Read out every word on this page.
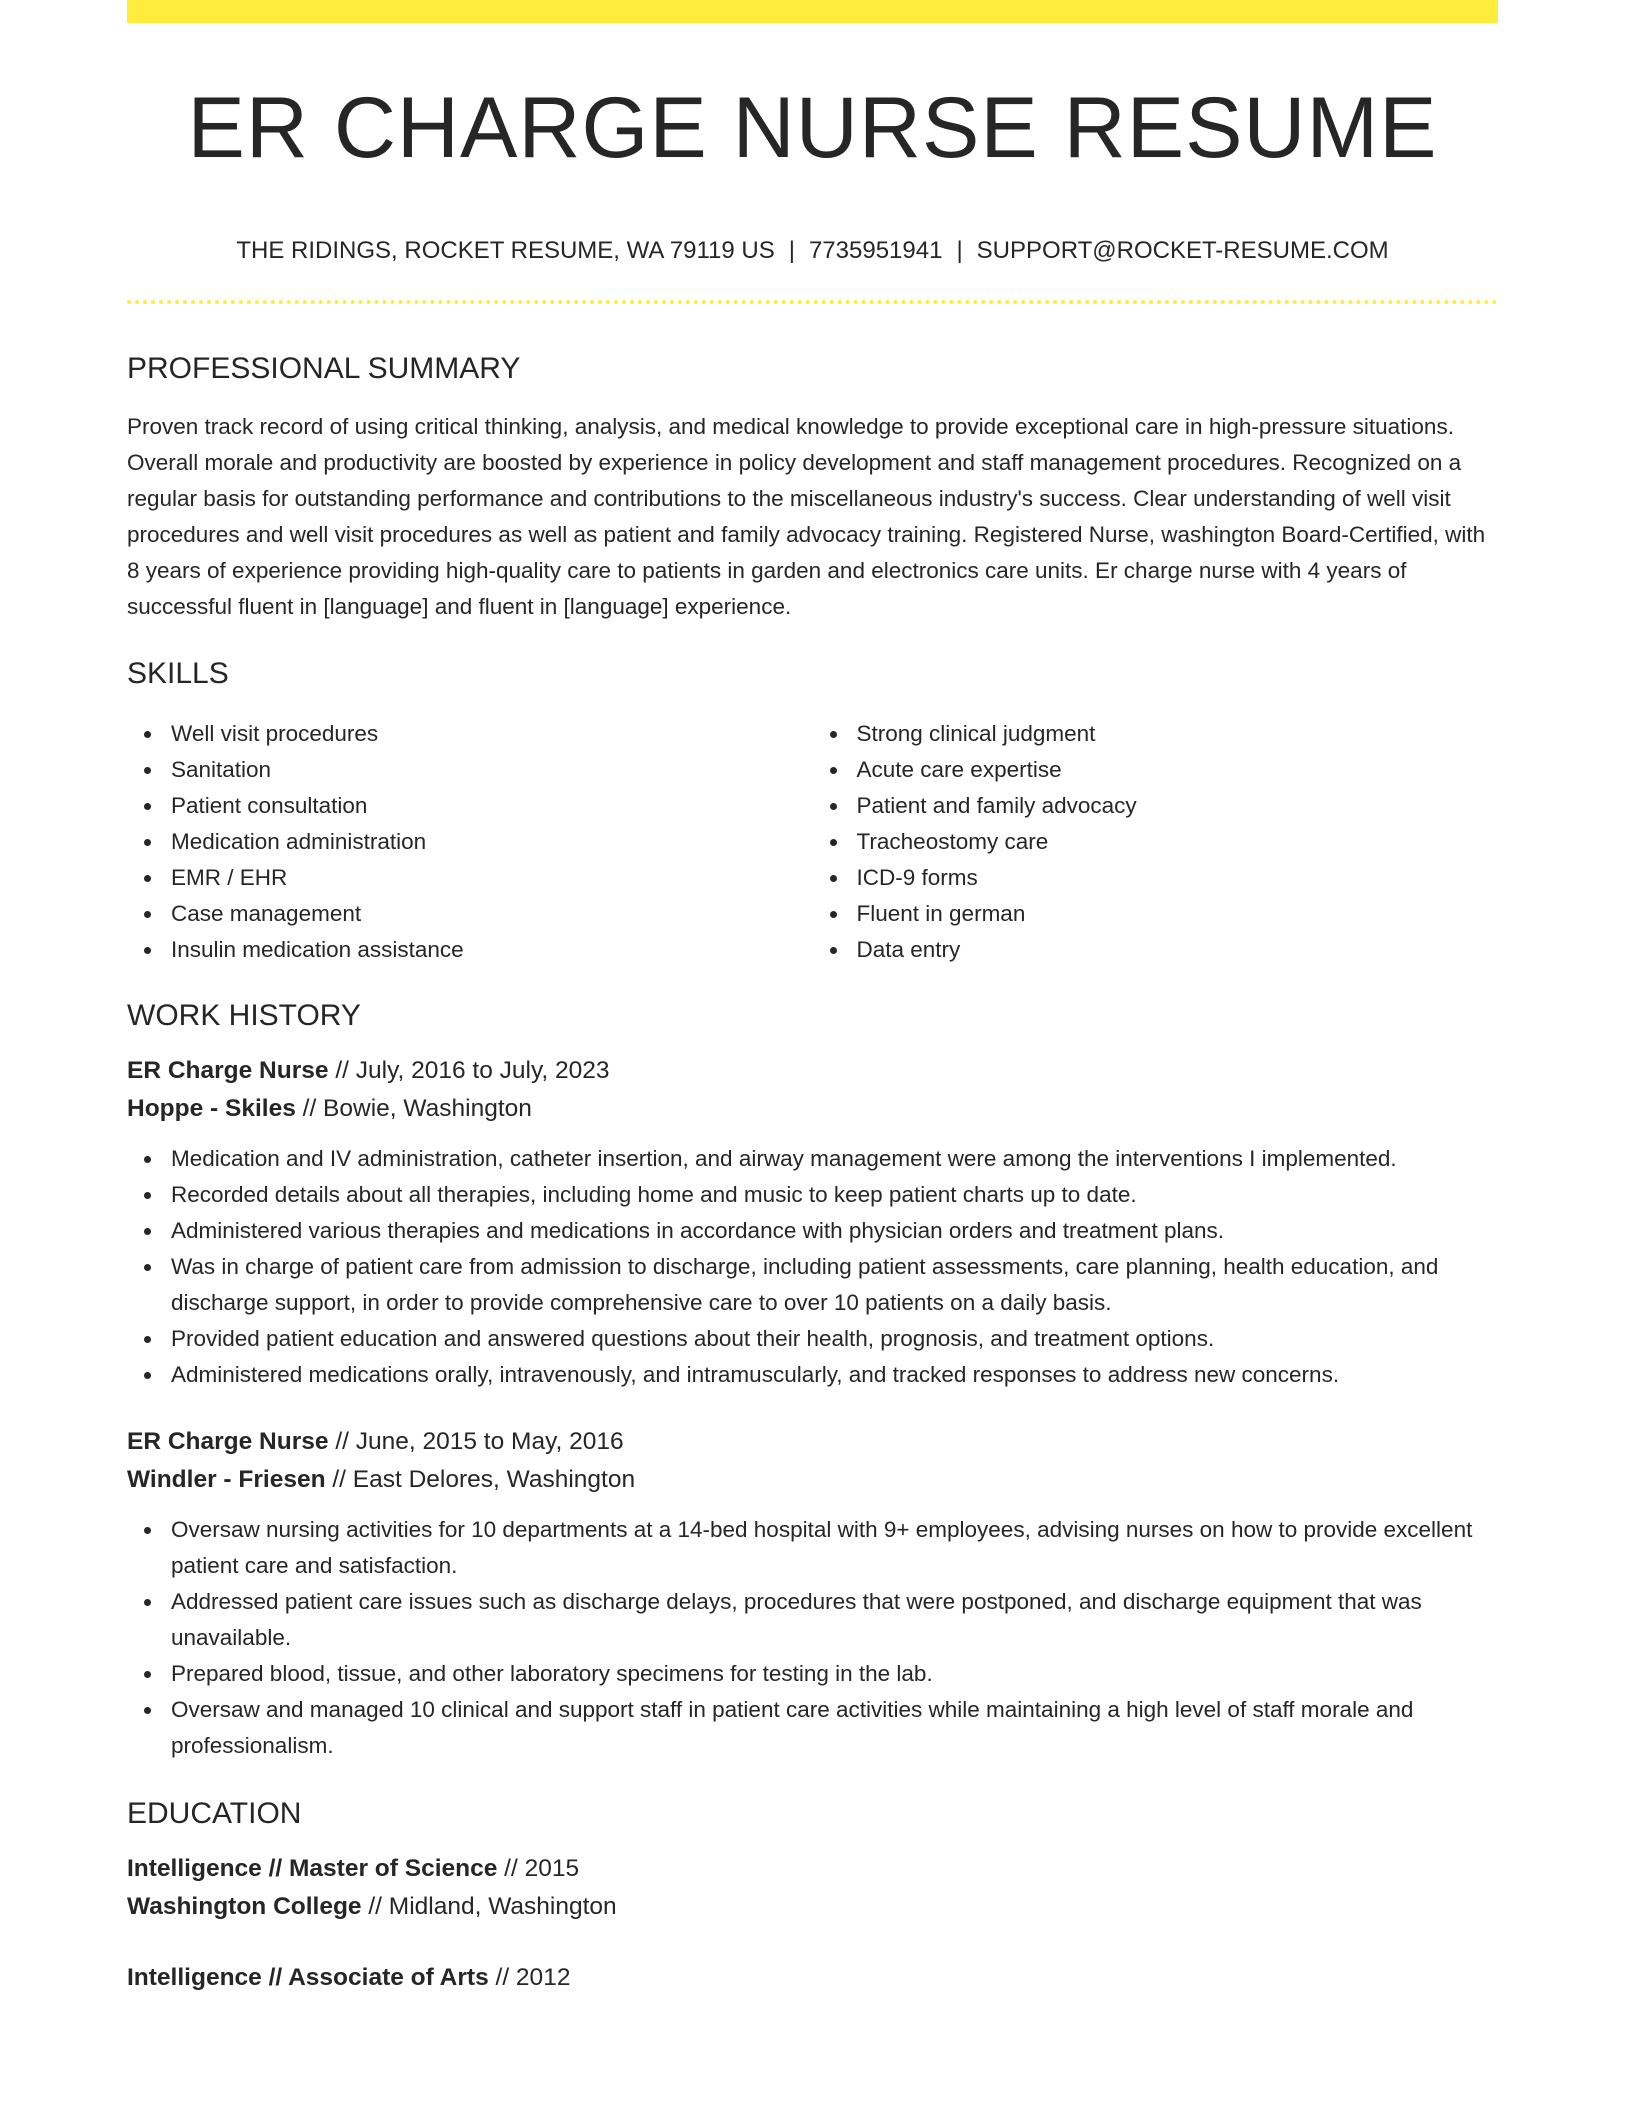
ER CHARGE NURSE RESUME
THE RIDINGS, ROCKET RESUME, WA 79119 US | 7735951941 | SUPPORT@ROCKET-RESUME.COM
PROFESSIONAL SUMMARY

Proven track record of using critical thinking, analysis, and medical knowledge to provide exceptional care in high-pressure situations. Overall morale and productivity are boosted by experience in policy development and staff management procedures. Recognized on a regular basis for outstanding performance and contributions to the miscellaneous industry's success. Clear understanding of well visit procedures and well visit procedures as well as patient and family advocacy training. Registered Nurse, washington Board-Certified, with 8 years of experience providing high-quality care to patients in garden and electronics care units. Er charge nurse with 4 years of successful fluent in [language] and fluent in [language] experience.

SKILLS
Well visit procedures
Sanitation
Patient consultation
Medication administration
EMR / EHR
Case management
Insulin medication assistance
Strong clinical judgment
Acute care expertise
Patient and family advocacy
Tracheostomy care
ICD-9 forms
Fluent in german
Data entry
WORK HISTORY
ER Charge Nurse // July, 2016 to July, 2023
Hoppe - Skiles // Bowie, Washington
Medication and IV administration, catheter insertion, and airway management were among the interventions I implemented.
Recorded details about all therapies, including home and music to keep patient charts up to date.
Administered various therapies and medications in accordance with physician orders and treatment plans.
Was in charge of patient care from admission to discharge, including patient assessments, care planning, health education, and discharge support, in order to provide comprehensive care to over 10 patients on a daily basis.
Provided patient education and answered questions about their health, prognosis, and treatment options.
Administered medications orally, intravenously, and intramuscularly, and tracked responses to address new concerns.
ER Charge Nurse // June, 2015 to May, 2016
Windler - Friesen // East Delores, Washington
Oversaw nursing activities for 10 departments at a 14-bed hospital with 9+ employees, advising nurses on how to provide excellent patient care and satisfaction.
Addressed patient care issues such as discharge delays, procedures that were postponed, and discharge equipment that was unavailable.
Prepared blood, tissue, and other laboratory specimens for testing in the lab.
Oversaw and managed 10 clinical and support staff in patient care activities while maintaining a high level of staff morale and professionalism.
EDUCATION
Intelligence // Master of Science // 2015
Washington College // Midland, Washington
Intelligence // Associate of Arts // 2012
